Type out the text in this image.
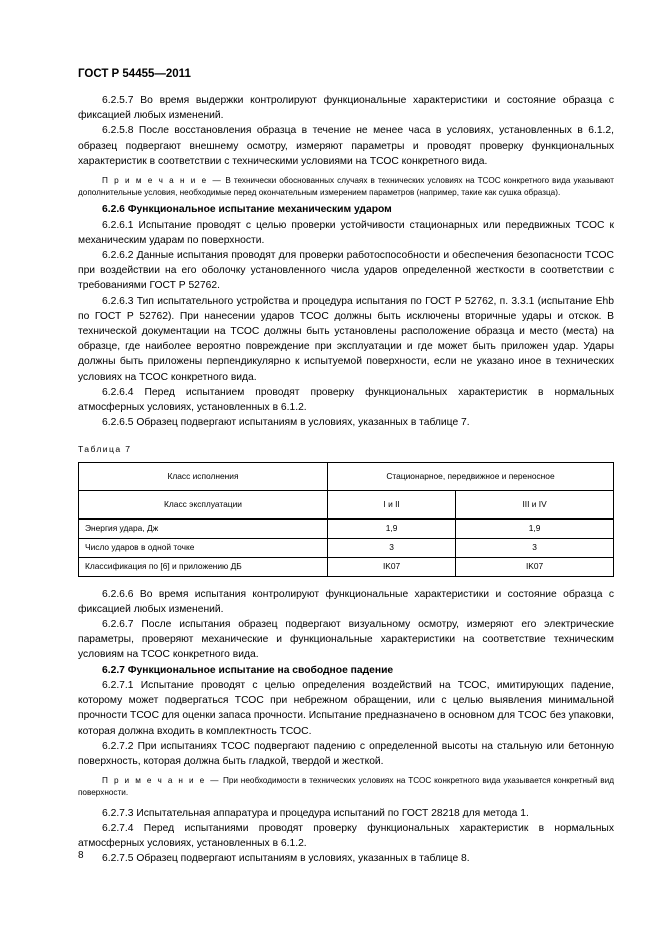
ГОСТ Р 54455—2011

6.2.5.7 Во время выдержки контролируют функциональные характеристики и состояние образца с фиксацией любых изменений.

6.2.5.8 После восстановления образца в течение не менее часа в условиях, установленных в 6.1.2, образец подвергают внешнему осмотру, измеряют параметры и проводят проверку функциональных характеристик в соответствии с техническими условиями на ТСОС конкретного вида.

П р и м е ч а н и е — В технически обоснованных случаях в технических условиях на ТСОС конкретного вида указывают дополнительные условия, необходимые перед окончательным измерением параметров (например, такие как сушка образца).

6.2.6 Функциональное испытание механическим ударом

6.2.6.1 Испытание проводят с целью проверки устойчивости стационарных или передвижных ТСОС к механическим ударам по поверхности.

6.2.6.2 Данные испытания проводят для проверки работоспособности и обеспечения безопасности ТСОС при воздействии на его оболочку установленного числа ударов определенной жесткости в соответствии с требованиями ГОСТ Р 52762.

6.2.6.3 Тип испытательного устройства и процедура испытания по ГОСТ Р 52762, п. 3.3.1 (испытание Ehb по ГОСТ Р 52762). При нанесении ударов ТСОС должны быть исключены вторичные удары и отскок. В технической документации на ТСОС должны быть установлены расположение образца и место (места) на образце, где наиболее вероятно повреждение при эксплуатации и где может быть приложен удар. Удары должны быть приложены перпендикулярно к испытуемой поверхности, если не указано иное в технических условиях на ТСОС конкретного вида.

6.2.6.4 Перед испытанием проводят проверку функциональных характеристик в нормальных атмосферных условиях, установленных в 6.1.2.

6.2.6.5 Образец подвергают испытаниям в условиях, указанных в таблице 7.

Таблица 7

Класс исполнения	Стационарное, передвижное и переносное	
Класс эксплуатации	I и II	III и IV
Энергия удара, Дж	1,9	1,9
Число ударов в одной точке	3	3
Классификация по [6] и приложению ДБ	IK07	IK07

6.2.6.6 Во время испытания контролируют функциональные характеристики и состояние образца с фиксацией любых изменений.

6.2.6.7 После испытания образец подвергают визуальному осмотру, измеряют его электрические параметры, проверяют механические и функциональные характеристики на соответствие техническим условиям на ТСОС конкретного вида.

6.2.7 Функциональное испытание на свободное падение

6.2.7.1 Испытание проводят с целью определения воздействий на ТСОС, имитирующих падение, которому может подвергаться ТСОС при небрежном обращении, или с целью выявления минимальной прочности ТСОС для оценки запаса прочности. Испытание предназначено в основном для ТСОС без упаковки, которая должна входить в комплектность ТСОС.

6.2.7.2 При испытаниях ТСОС подвергают падению с определенной высоты на стальную или бетонную поверхность, которая должна быть гладкой, твердой и жесткой.

П р и м е ч а н и е — При необходимости в технических условиях на ТСОС конкретного вида указывается конкретный вид поверхности.

6.2.7.3 Испытательная аппаратура и процедура испытаний по ГОСТ 28218 для метода 1.

6.2.7.4 Перед испытаниями проводят проверку функциональных характеристик в нормальных атмосферных условиях, установленных в 6.1.2.

6.2.7.5 Образец подвергают испытаниям в условиях, указанных в таблице 8.

8
